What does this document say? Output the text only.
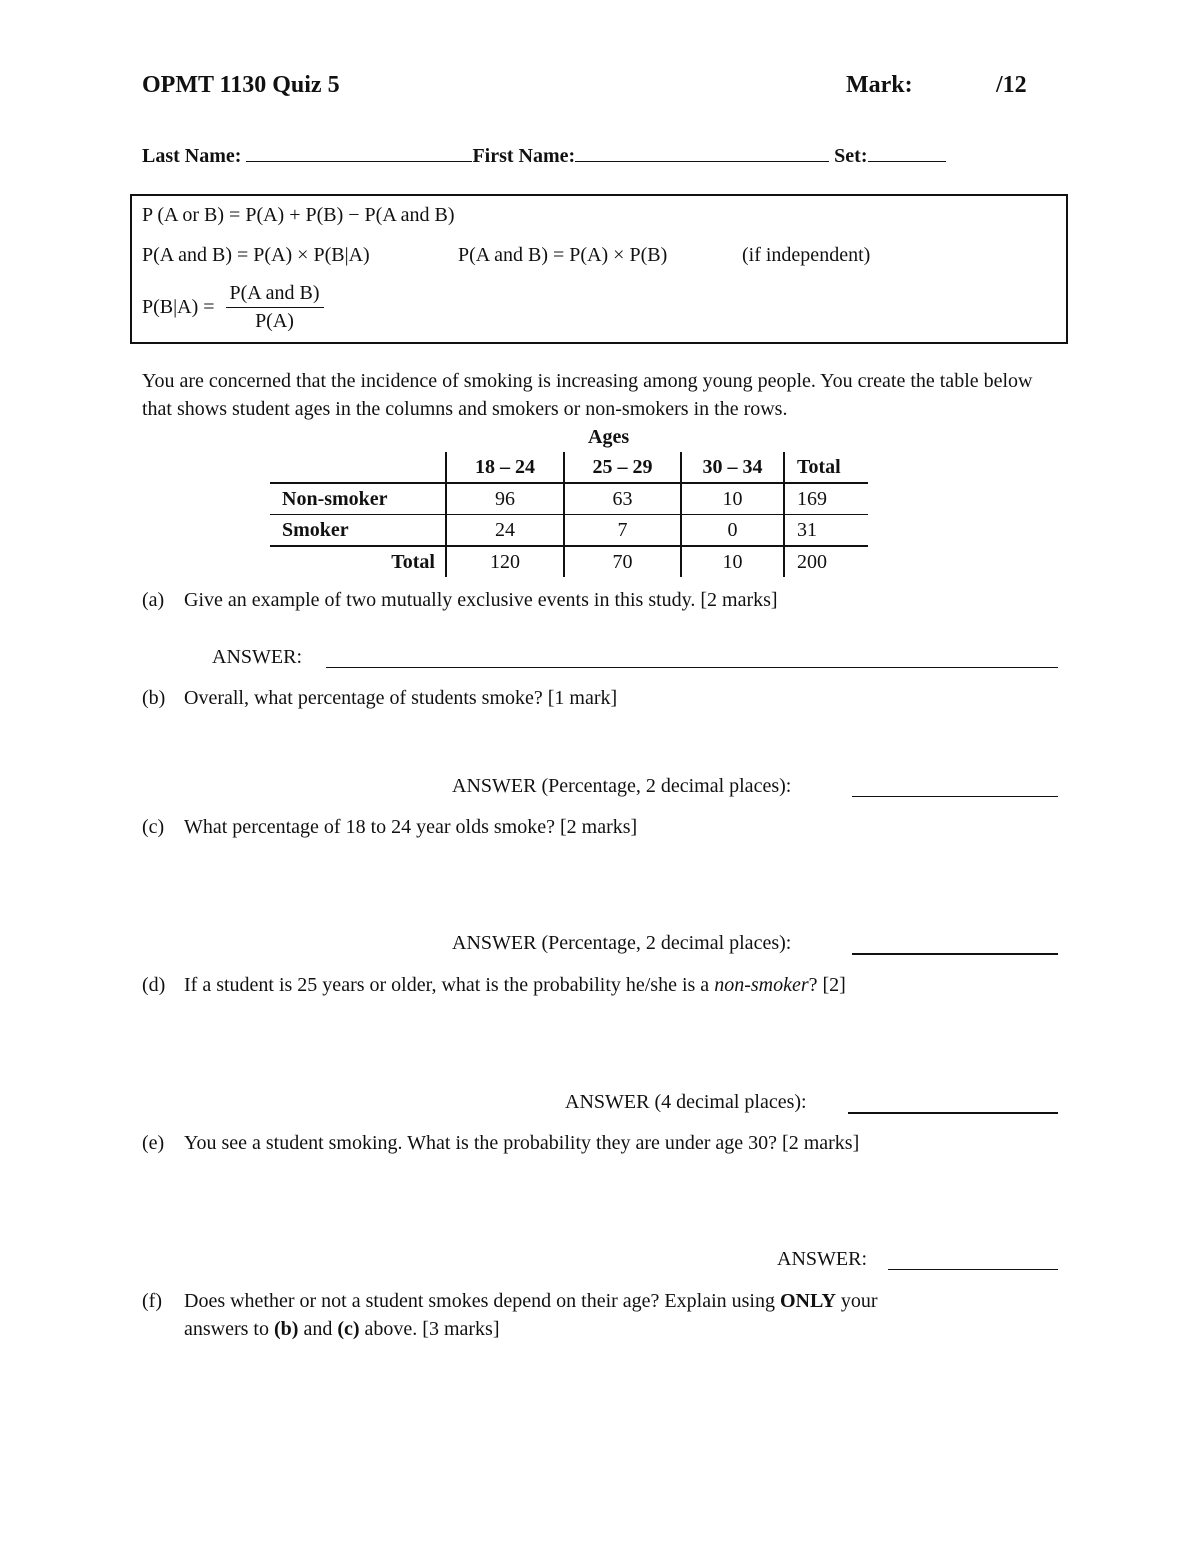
OPMT 1130 Quiz 5	Mark:	/12
Last Name:	First Name:	Set:
P (A or B) = P(A) + P(B) − P(A and B)
P(A and B) = P(A) × P(B|A)	P(A and B) = P(A) × P(B)	(if independent)
$P(B|A) = \frac{\text{P(A and B)}}{P(A)}$
You are concerned that the incidence of smoking is increasing among young people. You create the table below that shows student ages in the columns and smokers or non-smokers in the rows.
Ages
	18 – 24	25 – 29	30 – 34	Total
Non-smoker	96	63	10	169
Smoker	24	7	0	31
Total	120	70	10	200
(a) Give an example of two mutually exclusive events in this study. [2 marks]
ANSWER:
(b) Overall, what percentage of students smoke? [1 mark]
ANSWER (Percentage, 2 decimal places):
(c) What percentage of 18 to 24 year olds smoke? [2 marks]
ANSWER (Percentage, 2 decimal places):
(d) If a student is 25 years or older, what is the probability he/she is a non-smoker? [2]
ANSWER (4 decimal places):
(e) You see a student smoking. What is the probability they are under age 30? [2 marks]
ANSWER:
(f) Does whether or not a student smokes depend on their age? Explain using ONLY your
answers to (b) and (c) above. [3 marks]
